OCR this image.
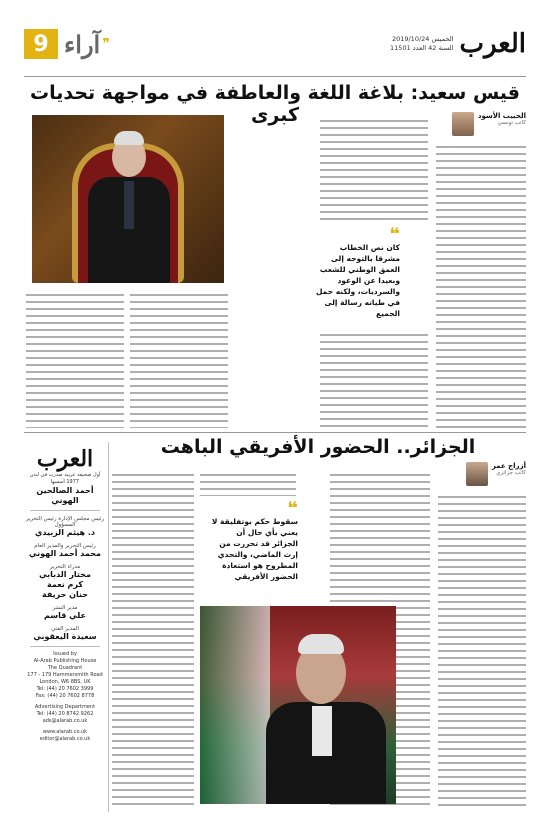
العرب
الخميس 2019/10/24
السنة 42 العدد 11501
9 آراء ❞
قيس سعيد: بلاغة اللغة والعاطفة في مواجهة تحديات كبرى	الحبيب الأسود
كاتب تونسي
❝
كان نص الخطاب مشرقا بالتوجه إلى العمق الوطني للشعب وبعيدا عن الوعود والسرديات، ولكنه حمل في طياته رسالة إلى الجميع
الجزائر.. الحضور الأفريقي الباهت
أزراج عمر
كاتب جزائري
❝
سقوط حكم بوتفليقة لا يعني بأي حال أن الجزائر قد تحررت من إرث الماضي، والتحدي المطروح هو استعادة الحضور الأفريقي
العرب
أول صحيفة عربية صدرت في لندن
1977 أسسها
أحمد الصالحين الهوني
رئيس مجلس الإدارة رئيس التحرير المسؤول
د. هيثم الزبيدي
رئيس التحرير والمدير العام
محمد أحمد الهوني
مدراء التحرير
مختار الدبابي
كرم نعمة
حنان حريفة
مدير النشر
علي قاسم
المدير الفني
سعيدة اليعقوبي
Issued by
Al-Arab Publishing House
The Quadrant
177 - 179 Hammersmith Road
London, W6 8BS, UK
Tel: (44) 20 7602 3999
Fax: (44) 20 7602 8778
Advertising Department
Tel: (44) 20 8742 9262
ads@alarab.co.uk
www.alarab.co.uk
editor@alarab.co.uk
